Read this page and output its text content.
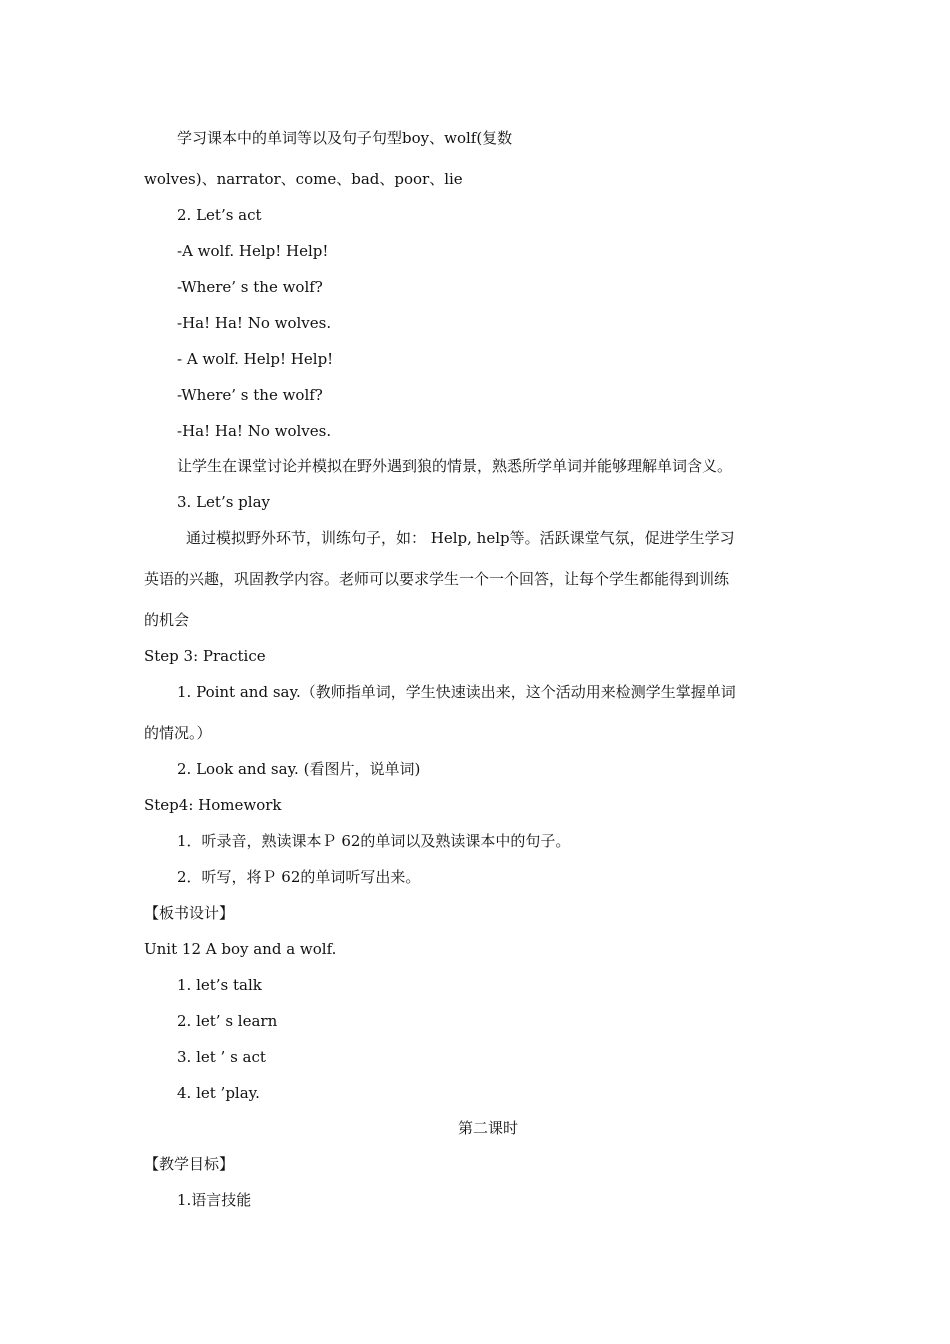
学习课本中的单词等以及句子句型boy、wolf(复数
wolves)、narrator、come、bad、poor、lie
2. Let’s act
-A wolf. Help! Help!
-Where’ s the wolf?
-Ha! Ha! No wolves.
- A wolf. Help! Help!
-Where’ s the wolf?
-Ha! Ha! No wolves.
让学生在课堂讨论并模拟在野外遇到狼的情景，熟悉所学单词并能够理解单词含义。
3. Let’s play
通过模拟野外环节，训练句子，如： Help, help等。活跃课堂气氛，促进学生学习
英语的兴趣，巩固教学内容。老师可以要求学生一个一个回答，让每个学生都能得到训练
的机会
Step 3: Practice
1. Point and say.（教师指单词，学生快速读出来，这个活动用来检测学生掌握单词
的情况。）
2. Look and say. (看图片，说单词)
Step4: Homework
1．听录音，熟读课本Ｐ 62的单词以及熟读课本中的句子。
2．听写，将Ｐ 62的单词听写出来。
【板书设计】
Unit 12 A boy and a wolf.
1. let’s talk
2. let’ s learn
3. let ’ s act
4. let ’play.
第二课时
【教学目标】
1.语言技能
